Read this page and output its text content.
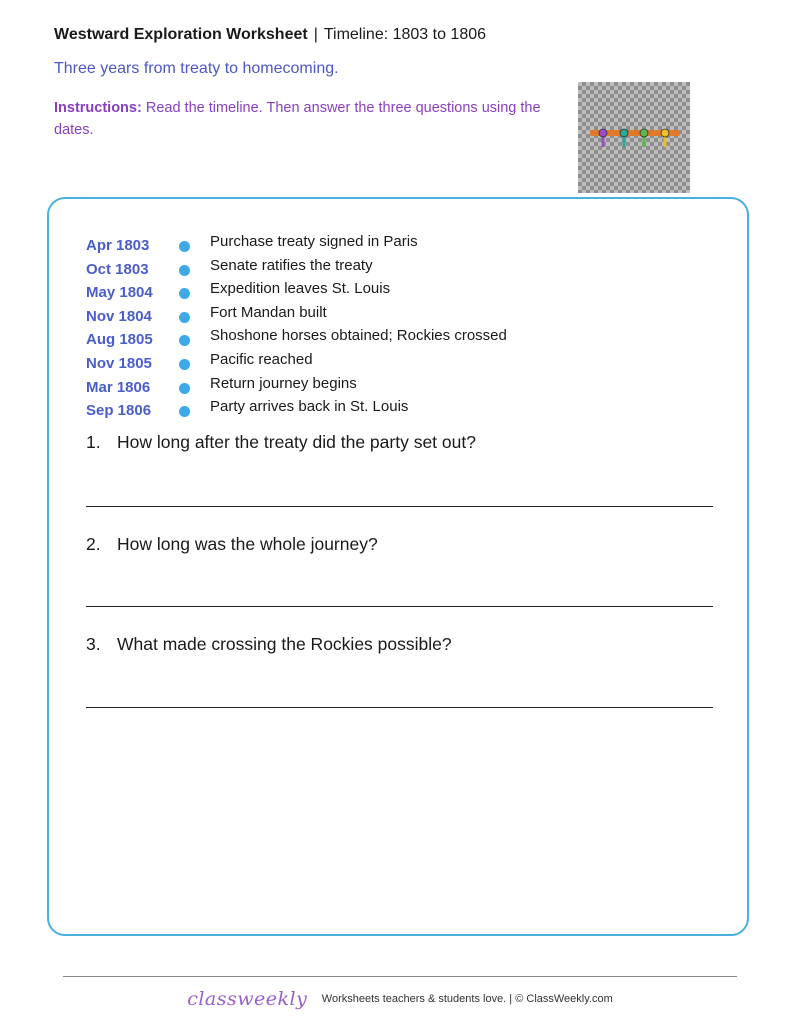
Westward Exploration Worksheet | Timeline: 1803 to 1806
Three years from treaty to homecoming.
Instructions: Read the timeline. Then answer the three questions using the dates.
Apr 1803	Purchase treaty signed in Paris
Oct 1803	Senate ratifies the treaty
May 1804	Expedition leaves St. Louis
Nov 1804	Fort Mandan built
Aug 1805	Shoshone horses obtained; Rockies crossed
Nov 1805	Pacific reached
Mar 1806	Return journey begins
Sep 1806	Party arrives back in St. Louis
1. How long after the treaty did the party set out?
2. How long was the whole journey?
3. What made crossing the Rockies possible?
classweekly Worksheets teachers & students love. | © ClassWeekly.com
